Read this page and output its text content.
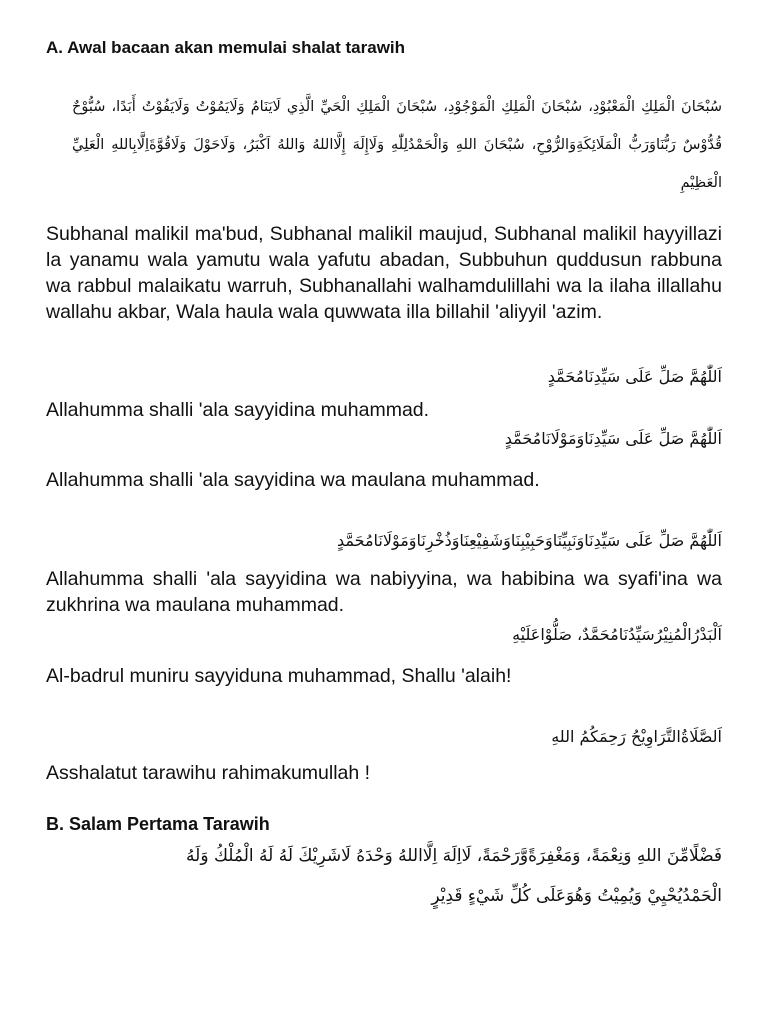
A. Awal bacaan akan memulai shalat tarawih
سُبْحَانَ الْمَلِكِ الْمَعْبُوْدِ، سُبْحَانَ الْمَلِكِ الْمَوْجُوْدِ، سُبْحَانَ الْمَلِكِ الْحَيِّ الَّذِي لَايَنَامُ وَلَايَمُوْتُ وَلَايَفُوْتُ أَبَدًا، سُبُّوْحٌ قُدُّوْسٌ رَبُّنَاوَرَبُّ الْمَلَائِكَةِوَالرُّوْحِ، سُبْحَانَ اللهِ وَالْحَمْدُلِلّٰهِ وَلَاإِلَهَ إِلَّااللهُ وَاللهُ اَكْبَرُ، وَلَاحَوْلَ وَلَاقُوَّةَاِلَّابِاللهِ الْعَلِيِّ الْعَظِيْمِ
Subhanal malikil ma'bud, Subhanal malikil maujud, Subhanal malikil hayyillazi la yanamu wala yamutu wala yafutu abadan, Subbuhun quddusun rabbuna wa rabbul malaikatu warruh, Subhanallahi walhamdulillahi wa la ilaha illallahu wallahu akbar, Wala haula wala quwwata illa billahil 'aliyyil 'azim.
اَللّٰهُمَّ صَلِّ عَلَى سَيِّدِنَامُحَمَّدٍ
Allahumma shalli 'ala sayyidina muhammad.
اَللّٰهُمَّ صَلِّ عَلَى سَيِّدِنَاوَمَوْلَانَامُحَمَّدٍ
Allahumma shalli 'ala sayyidina wa maulana muhammad.
اَللّٰهُمَّ صَلِّ عَلَى سَيِّدِنَاوَنَبِيِّنَاوَحَبِيْبِنَاوَشَفِيْعِنَاوَذُخْرِنَاوَمَوْلَانَامُحَمَّدٍ
Allahumma shalli 'ala sayyidina wa nabiyyina, wa habibina wa syafi'ina wa zukhrina wa maulana muhammad.
اَلْبَدْرُالْمُنِيْرُسَيِّدُنَامُحَمَّدٌ، صَلُّوْاعَلَيْهِ
Al-badrul muniru sayyiduna muhammad, Shallu 'alaih!
اَلصَّلَاةُالتَّرَاوِيْحُ رَحِمَكُمُ اللهِ
Asshalatut tarawihu rahimakumullah !
B. Salam Pertama Tarawih
فَضْلًامِّنَ اللهِ وَنِعْمَةً، وَمَغْفِرَةًوَّرَحْمَةً، لَااِلَهَ اِلَّااللهُ وَحْدَهُ لَاشَرِيْكَ لَهُ لَهُ الْمُلْكُ وَلَهُ
الْحَمْدُيُحْيِيْ وَيُمِيْتُ وَهُوَعَلَى كُلِّ شَيْءٍ قَدِيْرٍ
